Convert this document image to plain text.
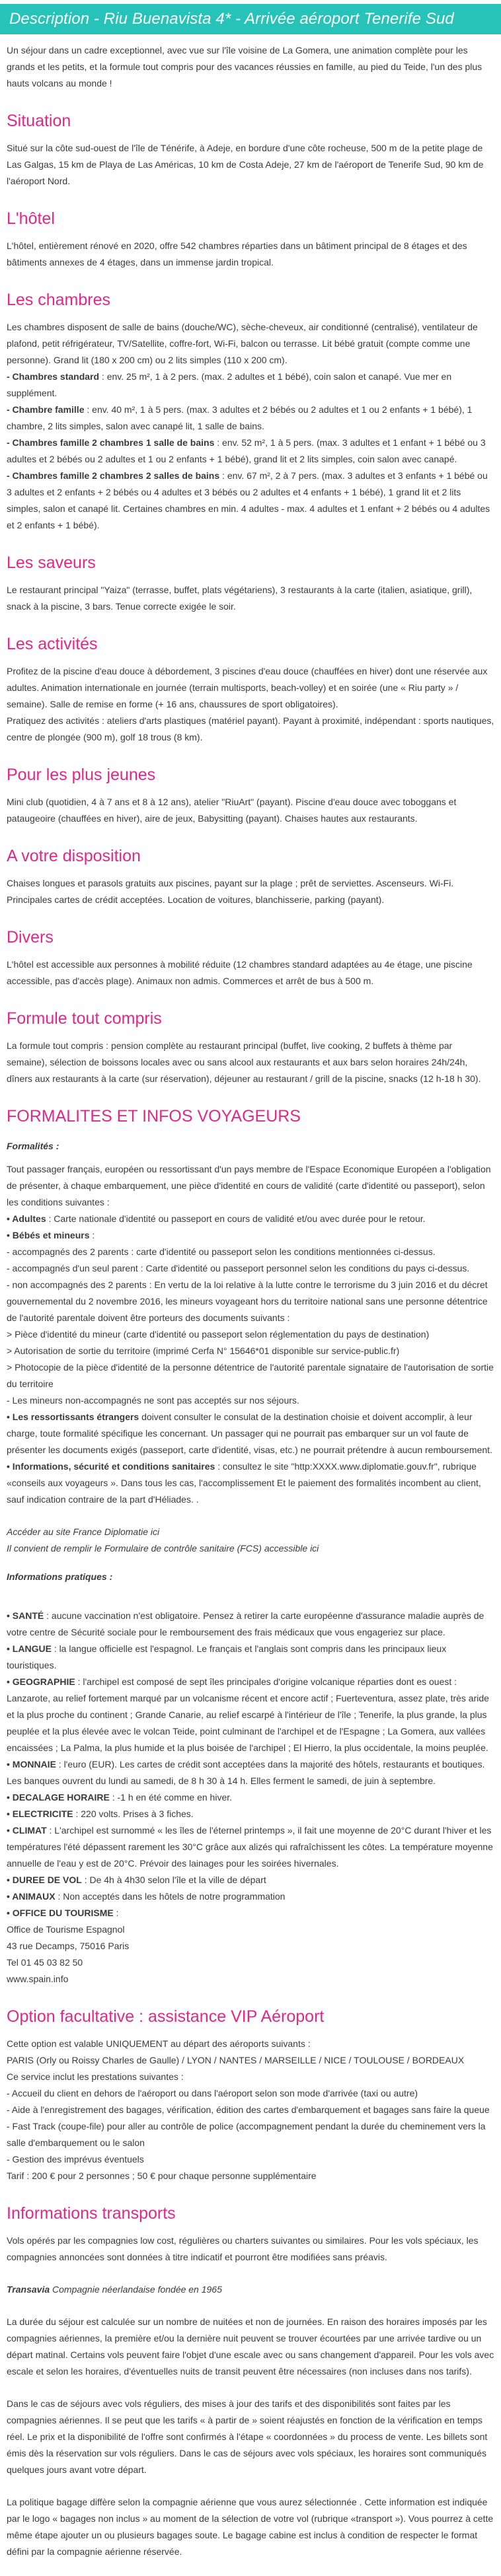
Description - Riu Buenavista 4* - Arrivée aéroport Tenerife Sud

Un séjour dans un cadre exceptionnel, avec vue sur l'île voisine de La Gomera, une animation complète pour les grands et les petits, et la formule tout compris pour des vacances réussies en famille, au pied du Teide, l'un des plus hauts volcans au monde !

Situation

Situé sur la côte sud-ouest de l'île de Ténérife, à Adeje, en bordure d'une côte rocheuse, 500 m de la petite plage de Las Galgas, 15 km de Playa de Las Américas, 10 km de Costa Adeje, 27 km de l'aéroport de Tenerife Sud, 90 km de l'aéroport Nord.

L'hôtel

L'hôtel, entièrement rénové en 2020, offre 542 chambres réparties dans un bâtiment principal de 8 étages et des bâtiments annexes de 4 étages, dans un immense jardin tropical.

Les chambres

Les chambres disposent de salle de bains (douche/WC), sèche-cheveux, air conditionné (centralisé), ventilateur de plafond, petit réfrigérateur, TV/Satellite, coffre-fort, Wi-Fi, balcon ou terrasse. Lit bébé gratuit (compte comme une personne). Grand lit (180 x 200 cm) ou 2 lits simples (110 x 200 cm).

- Chambres standard : env. 25 m², 1 à 2 pers. (max. 2 adultes et 1 bébé), coin salon et canapé. Vue mer en supplément.

- Chambre famille : env. 40 m², 1 à 5 pers. (max. 3 adultes et 2 bébés ou 2 adultes et 1 ou 2 enfants + 1 bébé), 1 chambre, 2 lits simples, salon avec canapé lit, 1 salle de bains.

- Chambres famille 2 chambres 1 salle de bains : env. 52 m², 1 à 5 pers. (max. 3 adultes et 1 enfant + 1 bébé ou 3 adultes et 2 bébés ou 2 adultes et 1 ou 2 enfants + 1 bébé), grand lit et 2 lits simples, coin salon avec canapé.

- Chambres famille 2 chambres 2 salles de bains : env. 67 m², 2 à 7 pers. (max. 3 adultes et 3 enfants + 1 bébé ou 3 adultes et 2 enfants + 2 bébés ou 4 adultes et 3 bébés ou 2 adultes et 4 enfants + 1 bébé), 1 grand lit et 2 lits simples, salon et canapé lit. Certaines chambres en min. 4 adultes - max. 4 adultes et 1 enfant + 2 bébés ou 4 adultes et 2 enfants + 1 bébé).

Les saveurs

Le restaurant principal "Yaiza" (terrasse, buffet, plats végétariens), 3 restaurants à la carte (italien, asiatique, grill), snack à la piscine, 3 bars. Tenue correcte exigée le soir.

Les activités

Profitez de la piscine d'eau douce à débordement, 3 piscines d'eau douce (chauffées en hiver) dont une réservée aux adultes. Animation internationale en journée (terrain multisports, beach-volley) et en soirée (une « Riu party » / semaine). Salle de remise en forme (+ 16 ans, chaussures de sport obligatoires).

Pratiquez des activités : ateliers d'arts plastiques (matériel payant). Payant à proximité, indépendant : sports nautiques, centre de plongée (900 m), golf 18 trous (8 km).

Pour les plus jeunes

Mini club (quotidien, 4 à 7 ans et 8 à 12 ans), atelier "RiuArt" (payant). Piscine d'eau douce avec toboggans et pataugeoire (chauffées en hiver), aire de jeux, Babysitting (payant). Chaises hautes aux restaurants.

A votre disposition

Chaises longues et parasols gratuits aux piscines, payant sur la plage ; prêt de serviettes. Ascenseurs. Wi-Fi. Principales cartes de crédit acceptées. Location de voitures, blanchisserie, parking (payant).

Divers

L'hôtel est accessible aux personnes à mobilité réduite (12 chambres standard adaptées au 4e étage, une piscine accessible, pas d'accès plage). Animaux non admis. Commerces et arrêt de bus à 500 m.

Formule tout compris

La formule tout compris : pension complète au restaurant principal (buffet, live cooking, 2 buffets à thème par semaine), sélection de boissons locales avec ou sans alcool aux restaurants et aux bars selon horaires 24h/24h, dîners aux restaurants à la carte (sur réservation), déjeuner au restaurant / grill de la piscine, snacks (12 h-18 h 30).

FORMALITES ET INFOS VOYAGEURS

Formalités :

Tout passager français, européen ou ressortissant d'un pays membre de l'Espace Economique Européen a l'obligation de présenter, à chaque embarquement, une pièce d'identité en cours de validité (carte d'identité ou passeport), selon les conditions suivantes :

• Adultes : Carte nationale d'identité ou passeport en cours de validité et/ou avec durée pour le retour.

• Bébés et mineurs :

- accompagnés des 2 parents : carte d'identité ou passeport selon les conditions mentionnées ci-dessus.

- accompagnés d'un seul parent : Carte d'identité ou passeport personnel selon les conditions du pays ci-dessus.

- non accompagnés des 2 parents : En vertu de la loi relative à la lutte contre le terrorisme du 3 juin 2016 et du décret gouvernemental du 2 novembre 2016, les mineurs voyageant hors du territoire national sans une personne détentrice de l'autorité parentale doivent être porteurs des documents suivants :

> Pièce d'identité du mineur (carte d'identité ou passeport selon réglementation du pays de destination)

> Autorisation de sortie du territoire (imprimé Cerfa N° 15646*01 disponible sur service-public.fr)

> Photocopie de la pièce d'identité de la personne détentrice de l'autorité parentale signataire de l'autorisation de sortie du territoire

- Les mineurs non-accompagnés ne sont pas acceptés sur nos séjours.

• Les ressortissants étrangers doivent consulter le consulat de la destination choisie et doivent accomplir, à leur charge, toute formalité spécifique les concernant. Un passager qui ne pourrait pas embarquer sur un vol faute de présenter les documents exigés (passeport, carte d'identité, visas, etc.) ne pourrait prétendre à aucun remboursement.

• Informations, sécurité et conditions sanitaires : consultez le site "http:XXXX.www.diplomatie.gouv.fr", rubrique «conseils aux voyageurs ». Dans tous les cas, l'accomplissement Et le paiement des formalités incombent au client, sauf indication contraire de la part d'Héliades. .

Accéder au site France Diplomatie ici

Il convient de remplir le Formulaire de contrôle sanitaire (FCS) accessible ici

Informations pratiques :

• SANTÉ : aucune vaccination n'est obligatoire. Pensez à retirer la carte européenne d'assurance maladie auprès de votre centre de Sécurité sociale pour le remboursement des frais médicaux que vous engageriez sur place.

• LANGUE : la langue officielle est l'espagnol. Le français et l'anglais sont compris dans les principaux lieux touristiques.

• GEOGRAPHIE : l'archipel est composé de sept îles principales d'origine volcanique réparties dont es ouest : Lanzarote, au relief fortement marqué par un volcanisme récent et encore actif ; Fuerteventura, assez plate, très aride et la plus proche du continent ; Grande Canarie, au relief escarpé à l'intérieur de l'île ; Tenerife, la plus grande, la plus peuplée et la plus élevée avec le volcan Teide, point culminant de l'archipel et de l'Espagne ; La Gomera, aux vallées encaissées ; La Palma, la plus humide et la plus boisée de l'archipel ; El Hierro, la plus occidentale, la moins peuplée.

• MONNAIE : l'euro (EUR). Les cartes de crédit sont acceptées dans la majorité des hôtels, restaurants et boutiques. Les banques ouvrent du lundi au samedi, de 8 h 30 à 14 h. Elles ferment le samedi, de juin à septembre.

• DECALAGE HORAIRE : -1 h en été comme en hiver.

• ELECTRICITE : 220 volts. Prises à 3 fiches.

• CLIMAT : L'archipel est surnommé « les îles de l'éternel printemps », il fait une moyenne de 20°C durant l'hiver et les températures l'été dépassent rarement les 30°C grâce aux alizés qui rafraîchissent les côtes. La température moyenne annuelle de l'eau y est de 20°C. Prévoir des lainages pour les soirées hivernales.

• DUREE DE VOL : De 4h à 4h30 selon l'île et la ville de départ

• ANIMAUX : Non acceptés dans les hôtels de notre programmation

• OFFICE DU TOURISME :

Office de Tourisme Espagnol

43 rue Decamps, 75016 Paris

Tel 01 45 03 82 50

www.spain.info

Option facultative : assistance VIP Aéroport

Cette option est valable UNIQUEMENT au départ des aéroports suivants :

PARIS (Orly ou Roissy Charles de Gaulle) / LYON / NANTES / MARSEILLE / NICE / TOULOUSE / BORDEAUX

Ce service inclut les prestations suivantes :

- Accueil du client en dehors de l'aéroport ou dans l'aéroport selon son mode d'arrivée (taxi ou autre)

- Aide à l'enregistrement des bagages, vérification, édition des cartes d'embarquement et bagages sans faire la queue

- Fast Track (coupe-file) pour aller au contrôle de police (accompagnement pendant la durée du cheminement vers la salle d'embarquement ou le salon

- Gestion des imprévus éventuels

Tarif : 200 € pour 2 personnes ; 50 € pour chaque personne supplémentaire

Informations transports

Vols opérés par les compagnies low cost, régulières ou charters suivantes ou similaires. Pour les vols spéciaux, les compagnies annoncées sont données à titre indicatif et pourront être modifiées sans préavis.

Transavia Compagnie néerlandaise fondée en 1965

La durée du séjour est calculée sur un nombre de nuitées et non de journées. En raison des horaires imposés par les compagnies aériennes, la première et/ou la dernière nuit peuvent se trouver écourtées par une arrivée tardive ou un départ matinal. Certains vols peuvent faire l'objet d'une escale avec ou sans changement d'appareil. Pour les vols avec escale et selon les horaires, d'éventuelles nuits de transit peuvent être nécessaires (non incluses dans nos tarifs).

Dans le cas de séjours avec vols réguliers, des mises à jour des tarifs et des disponibilités sont faites par les compagnies aériennes. Il se peut que les tarifs « à partir de » soient réajustés en fonction de la vérification en temps réel. Le prix et la disponibilité de l'offre sont confirmés à l'étape « coordonnées » du process de vente. Les billets sont émis dès la réservation sur vols réguliers. Dans le cas de séjours avec vols spéciaux, les horaires sont communiqués quelques jours avant votre départ.

La politique bagage diffère selon la compagnie aérienne que vous aurez sélectionnée . Cette information est indiquée par le logo « bagages non inclus » au moment de la sélection de votre vol (rubrique «transport »). Vous pourrez à cette même étape ajouter un ou plusieurs bagages soute. Le bagage cabine est inclus à condition de respecter le format défini par la compagnie aérienne réservée.
